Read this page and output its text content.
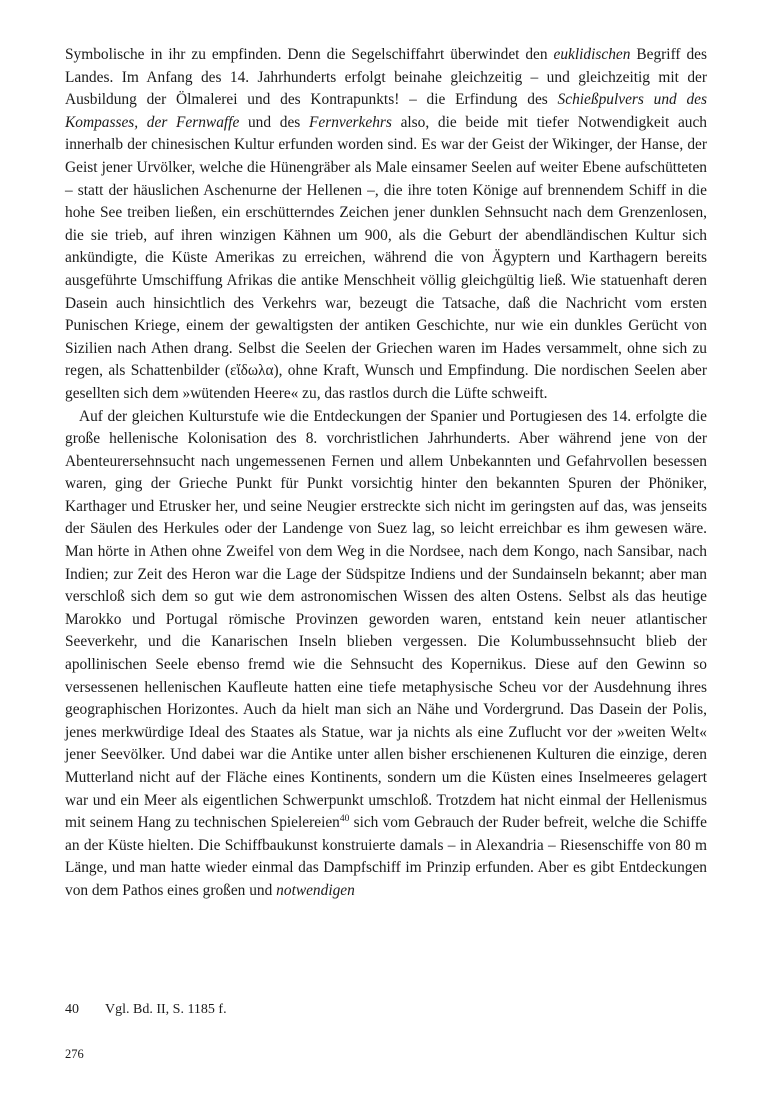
Symbolische in ihr zu empfinden. Denn die Segelschiffahrt überwindet den euklidischen Begriff des Landes. Im Anfang des 14. Jahrhunderts erfolgt beinahe gleichzeitig – und gleichzeitig mit der Ausbildung der Ölmalerei und des Kontrapunkts! – die Erfindung des Schießpulvers und des Kompasses, der Fernwaffe und des Fernverkehrs also, die beide mit tiefer Notwendigkeit auch innerhalb der chinesischen Kultur erfunden worden sind. Es war der Geist der Wikinger, der Hanse, der Geist jener Urvölker, welche die Hünengräber als Male einsamer Seelen auf weiter Ebene aufschütteten – statt der häuslichen Aschenurne der Hellenen –, die ihre toten Könige auf brennendem Schiff in die hohe See treiben ließen, ein erschütterndes Zeichen jener dunklen Sehnsucht nach dem Grenzenlosen, die sie trieb, auf ihren winzigen Kähnen um 900, als die Geburt der abendländischen Kultur sich ankündigte, die Küste Amerikas zu erreichen, während die von Ägyptern und Karthagern bereits ausgeführte Umschiffung Afrikas die antike Menschheit völlig gleichgültig ließ. Wie statuenhaft deren Dasein auch hinsichtlich des Verkehrs war, bezeugt die Tatsache, daß die Nachricht vom ersten Punischen Kriege, einem der gewaltigsten der antiken Geschichte, nur wie ein dunkles Gerücht von Sizilien nach Athen drang. Selbst die Seelen der Griechen waren im Hades versammelt, ohne sich zu regen, als Schattenbilder (εἴδωλα), ohne Kraft, Wunsch und Empfindung. Die nordischen Seelen aber gesellten sich dem »wütenden Heere« zu, das rastlos durch die Lüfte schweift.

Auf der gleichen Kulturstufe wie die Entdeckungen der Spanier und Portugiesen des 14. erfolgte die große hellenische Kolonisation des 8. vorchristlichen Jahrhunderts. Aber während jene von der Abenteurersehnsucht nach ungemessenen Fernen und allem Unbekannten und Gefahrvollen besessen waren, ging der Grieche Punkt für Punkt vorsichtig hinter den bekannten Spuren der Phöniker, Karthager und Etrusker her, und seine Neugier erstreckte sich nicht im geringsten auf das, was jenseits der Säulen des Herkules oder der Landenge von Suez lag, so leicht erreichbar es ihm gewesen wäre. Man hörte in Athen ohne Zweifel von dem Weg in die Nordsee, nach dem Kongo, nach Sansibar, nach Indien; zur Zeit des Heron war die Lage der Südspitze Indiens und der Sundainseln bekannt; aber man verschloß sich dem so gut wie dem astronomischen Wissen des alten Ostens. Selbst als das heutige Marokko und Portugal römische Provinzen geworden waren, entstand kein neuer atlantischer Seeverkehr, und die Kanarischen Inseln blieben vergessen. Die Kolumbussehnsucht blieb der apollinischen Seele ebenso fremd wie die Sehnsucht des Kopernikus. Diese auf den Gewinn so versessenen hellenischen Kaufleute hatten eine tiefe metaphysische Scheu vor der Ausdehnung ihres geographischen Horizontes. Auch da hielt man sich an Nähe und Vordergrund. Das Dasein der Polis, jenes merkwürdige Ideal des Staates als Statue, war ja nichts als eine Zuflucht vor der »weiten Welt« jener Seevölker. Und dabei war die Antike unter allen bisher erschienenen Kulturen die einzige, deren Mutterland nicht auf der Fläche eines Kontinents, sondern um die Küsten eines Inselmeeres gelagert war und ein Meer als eigentlichen Schwerpunkt umschloß. Trotzdem hat nicht einmal der Hellenismus mit seinem Hang zu technischen Spielereien$^{40}$ sich vom Gebrauch der Ruder befreit, welche die Schiffe an der Küste hielten. Die Schiffbaukunst konstruierte damals – in Alexandria – Riesenschiffe von 80 m Länge, und man hatte wieder einmal das Dampfschiff im Prinzip erfunden. Aber es gibt Entdeckungen von dem Pathos eines großen und notwendigen

40 Vgl. Bd. II, S. 1185 f.
276
